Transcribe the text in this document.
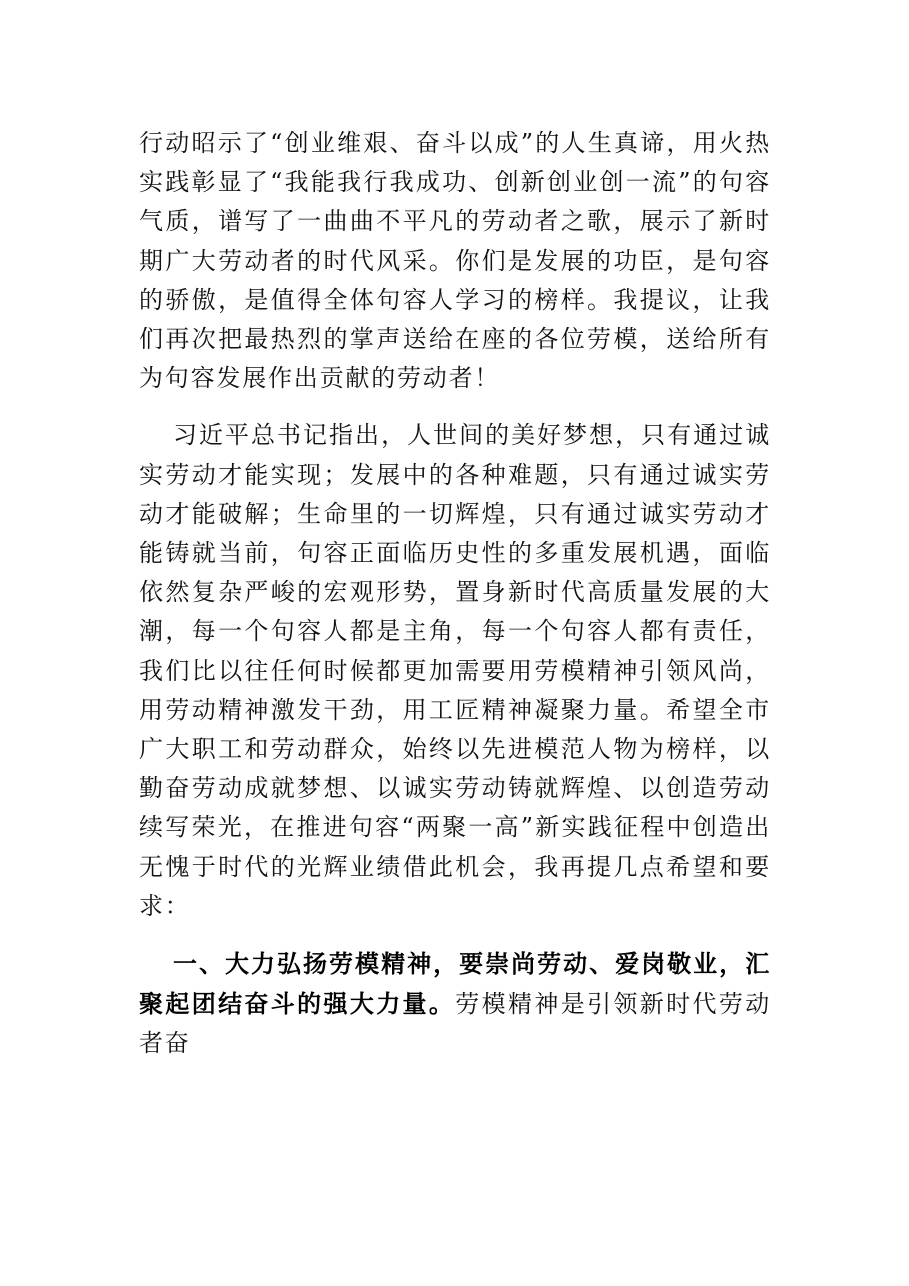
行动昭示了“创业维艰、奋斗以成”的人生真谛，用火热实践彰显了“我能我行我成功、创新创业创一流”的句容气质，谱写了一曲曲不平凡的劳动者之歌，展示了新时期广大劳动者的时代风采。你们是发展的功臣，是句容的骄傲，是值得全体句容人学习的榜样。我提议，让我们再次把最热烈的掌声送给在座的各位劳模，送给所有为句容发展作出贡献的劳动者！

习近平总书记指出，人世间的美好梦想，只有通过诚实劳动才能实现；发展中的各种难题，只有通过诚实劳动才能破解；生命里的一切辉煌，只有通过诚实劳动才能铸就当前，句容正面临历史性的多重发展机遇，面临依然复杂严峻的宏观形势，置身新时代高质量发展的大潮，每一个句容人都是主角，每一个句容人都有责任，我们比以往任何时候都更加需要用劳模精神引领风尚，用劳动精神激发干劲，用工匠精神凝聚力量。希望全市广大职工和劳动群众，始终以先进模范人物为榜样，以勤奋劳动成就梦想、以诚实劳动铸就辉煌、以创造劳动续写荣光，在推进句容“两聚一高”新实践征程中创造出无愧于时代的光辉业绩借此机会，我再提几点希望和要求：

一、大力弘扬劳模精神，要崇尚劳动、爱岗敬业，汇聚起团结奋斗的强大力量。劳模精神是引领新时代劳动者奋
